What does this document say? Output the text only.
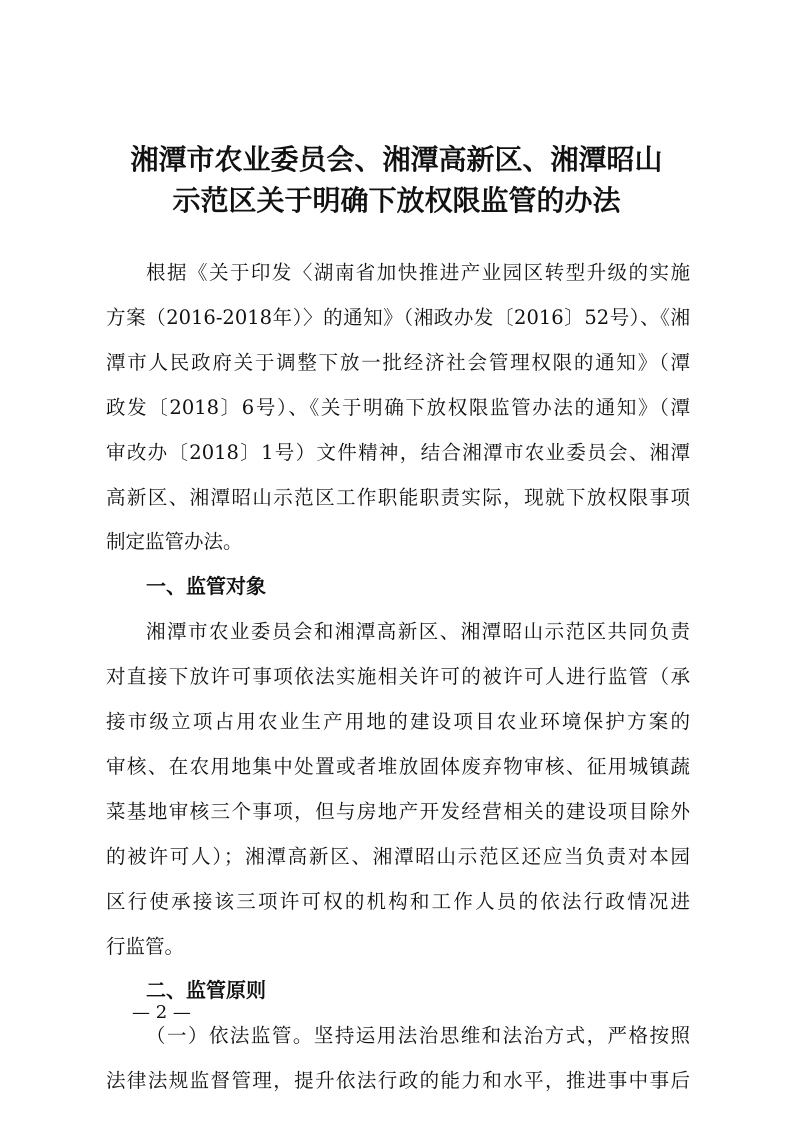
湘潭市农业委员会、湘潭高新区、湘潭昭山
示范区关于明确下放权限监管的办法
根据《关于印发〈湖南省加快推进产业园区转型升级的实施
方案（2016-2018年）〉的通知》（湘政办发〔2016〕52号）、《湘
潭市人民政府关于调整下放一批经济社会管理权限的通知》（潭
政发〔2018〕6号）、《关于明确下放权限监管办法的通知》（潭
审改办〔2018〕1号）文件精神，结合湘潭市农业委员会、湘潭
高新区、湘潭昭山示范区工作职能职责实际，现就下放权限事项
制定监管办法。
一、监管对象
湘潭市农业委员会和湘潭高新区、湘潭昭山示范区共同负责
对直接下放许可事项依法实施相关许可的被许可人进行监管（承
接市级立项占用农业生产用地的建设项目农业环境保护方案的
审核、在农用地集中处置或者堆放固体废弃物审核、征用城镇蔬
菜基地审核三个事项，但与房地产开发经营相关的建设项目除外
的被许可人）；湘潭高新区、湘潭昭山示范区还应当负责对本园
区行使承接该三项许可权的机构和工作人员的依法行政情况进
行监管。
二、监管原则
（一）依法监管。坚持运用法治思维和法治方式，严格按照
法律法规监督管理，提升依法行政的能力和水平，推进事中事后
— 2 —
